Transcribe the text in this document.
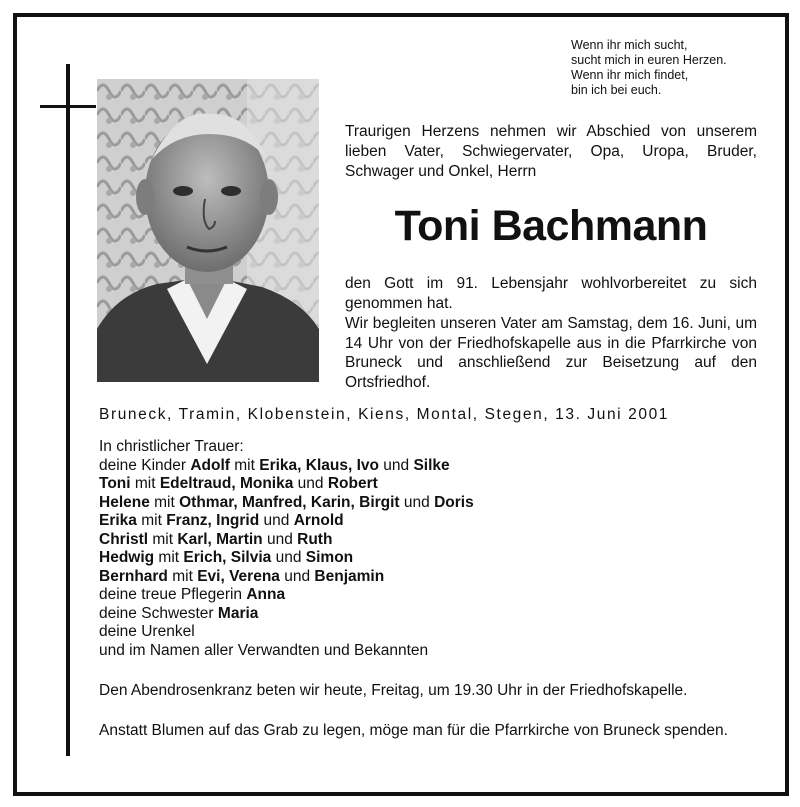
Wenn ihr mich sucht,
sucht mich in euren Herzen.
Wenn ihr mich findet,
bin ich bei euch.
Traurigen Herzens nehmen wir Abschied von unserem lieben Vater, Schwiegervater, Opa, Uropa, Bruder, Schwager und Onkel, Herrn
Toni Bachmann
den Gott im 91. Lebensjahr wohlvorbereitet zu sich genommen hat.
Wir begleiten unseren Vater am Samstag, dem 16. Juni, um 14 Uhr von der Friedhofskapelle aus in die Pfarrkirche von Bruneck und anschließend zur Beisetzung auf den Ortsfriedhof.
Bruneck, Tramin, Klobenstein, Kiens, Montal, Stegen, 13. Juni 2001
In christlicher Trauer:
deine Kinder Adolf mit Erika, Klaus, Ivo und Silke
Toni mit Edeltraud, Monika und Robert
Helene mit Othmar, Manfred, Karin, Birgit und Doris
Erika mit Franz, Ingrid und Arnold
Christl mit Karl, Martin und Ruth
Hedwig mit Erich, Silvia und Simon
Bernhard mit Evi, Verena und Benjamin
deine treue Pflegerin Anna
deine Schwester Maria
deine Urenkel
und im Namen aller Verwandten und Bekannten
Den Abendrosenkranz beten wir heute, Freitag, um 19.30 Uhr in der Friedhofskapelle.
Anstatt Blumen auf das Grab zu legen, möge man für die Pfarrkirche von Bruneck spenden.
